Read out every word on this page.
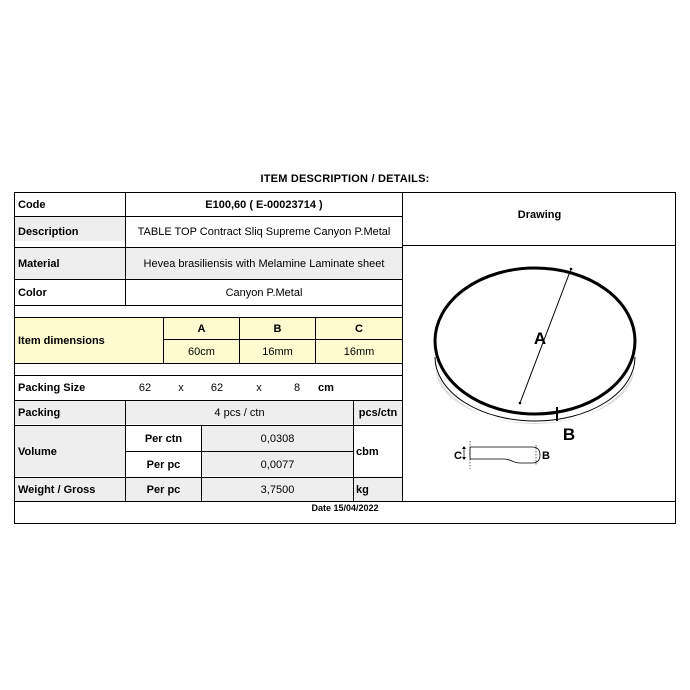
ITEM DESCRIPTION / DETAILS:
Code	E100,60 ( E-00023714 )
Description	TABLE TOP Contract Sliq Supreme Canyon P.Metal
Material	Hevea brasiliensis with Melamine Laminate sheet
Color	Canyon P.Metal
Item dimensions
A	B	C
60cm	16mm	16mm
Packing Size	62	x	62	x	8	cm
Packing	4 pcs / ctn	pcs/ctn
Volume
Per ctn	0,0308
Per pc	0,0077
cbm
Weight / Gross	Per pc	3,7500	kg
Drawing
A
B
C	B
Date 15/04/2022
